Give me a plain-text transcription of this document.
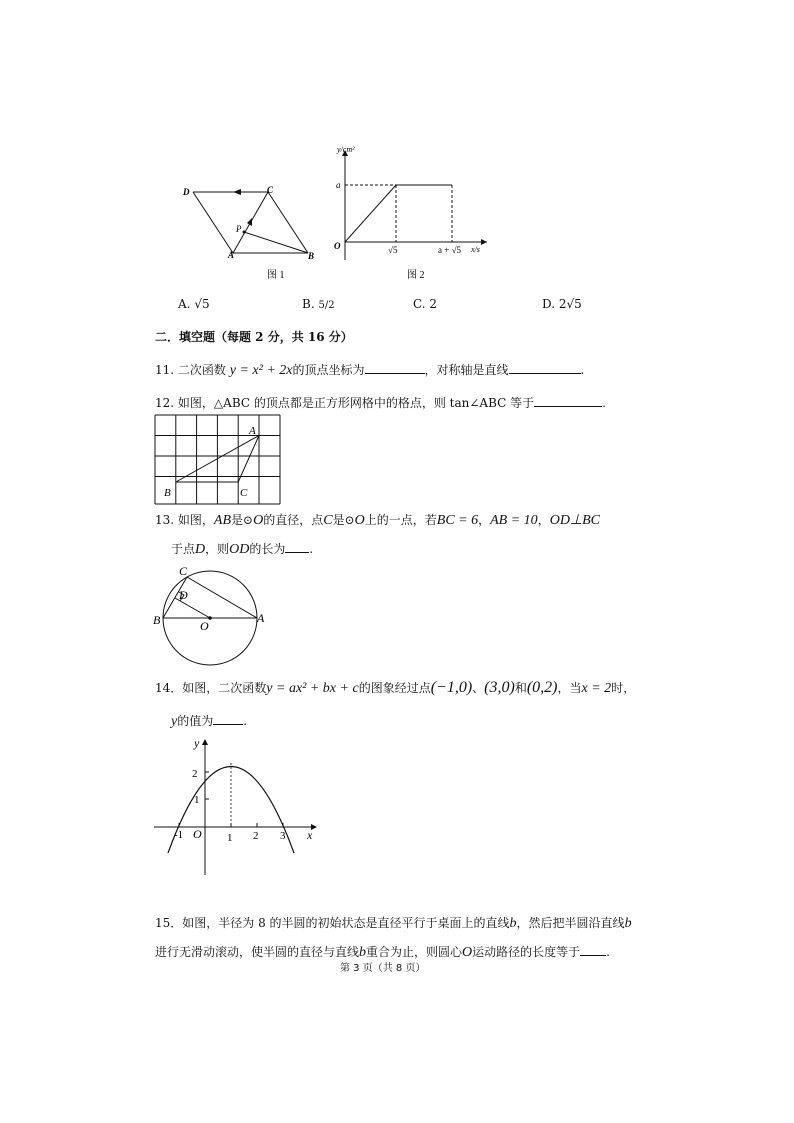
D	C
P
A	B
图 1
y/cm²
a
O	√5	a + √5 x/s
图 2
A. √5	B. 5/2	C. 2	D. 2√5
二．填空题（每题 2 分，共 16 分）
11. 二次函数 y = x² + 2x的顶点坐标为	，对称轴是直线	.
12. 如图，△ABC 的顶点都是正方形网格中的格点，则 tan∠ABC 等于	.
A
B	C
13. 如图，AB是⊙O的直径，点C是⊙O上的一点，若BC = 6，AB = 10，OD⊥BC
于点D，则OD的长为 .
C
D
B	O
A
14．如图，二次函数y = ax² + bx + c的图象经过点(−1,0)、(3,0)和(0,2)，当x = 2时，
y的值为	.
y
x
O
-1	1 2 3
1
2
15．如图，半径为 8 的半圆的初始状态是直径平行于桌面上的直线b，然后把半圆沿直线b
进行无滑动滚动，使半圆的直径与直线b重合为止，则圆心O运动路径的长度等于 .
第 3 页（共 8 页）
